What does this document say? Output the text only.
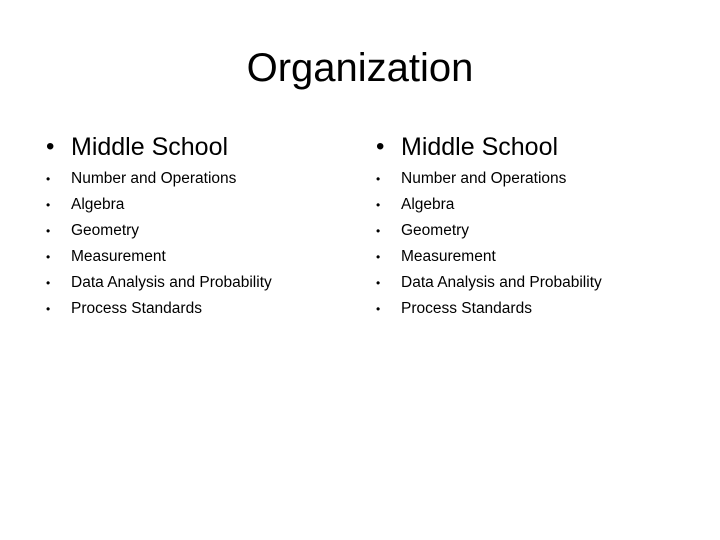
Organization
• Middle School
• Number and Operations
• Algebra
• Geometry
• Measurement
• Data Analysis and Probability
• Process Standards
• Middle School
• Number and Operations
• Algebra
• Geometry
• Measurement
• Data Analysis and Probability
• Process Standards
